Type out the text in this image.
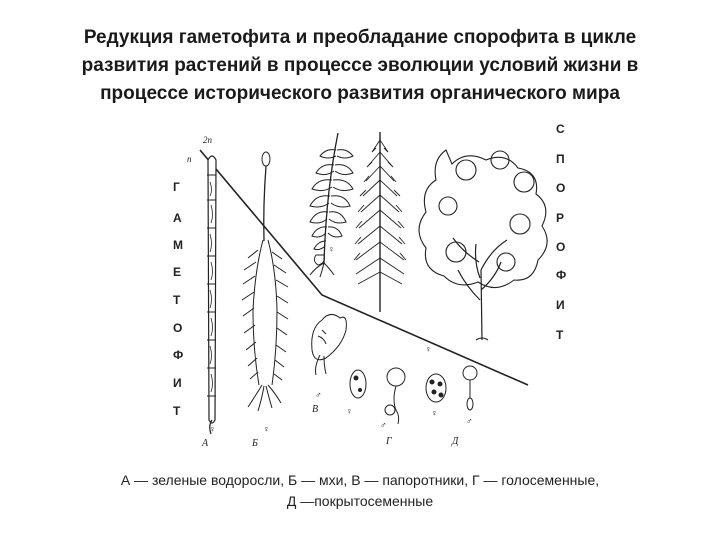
Редукция гаметофита и преобладание спорофита в цикле
развития растений в процессе эволюции условий жизни в
процессе исторического развития органического мира
Г
А
М
Е
Т
О
Ф
И
Т
С
П
О
Р
О
Ф
И
Т
2n
n
♀	♀
♂
♀
♂
♀
♀
♂
♀
А	Б
В
Г	Д
А — зеленые водоросли, Б — мхи, В — папоротники, Г — голосеменные,
Д —покрытосеменные
